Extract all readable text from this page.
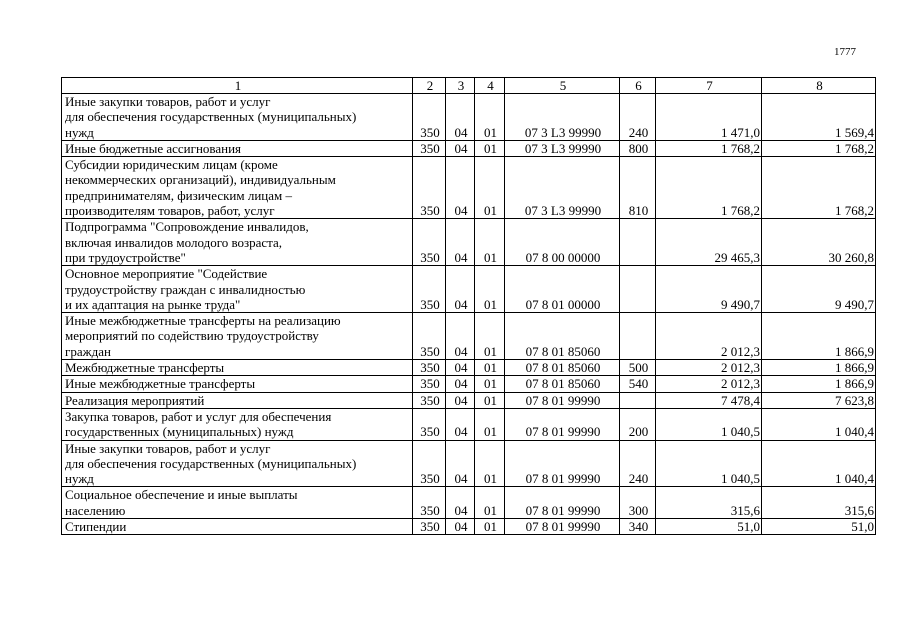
1777
1	2	3	4	5	6	7	8
Иные закупки товаров, работ и услуг
для обеспечения государственных (муниципальных)
нужд	350	04	01	07 3 L3 99990	240	1 471,0	1 569,4
Иные бюджетные ассигнования	350	04	01	07 3 L3 99990	800	1 768,2	1 768,2
Субсидии юридическим лицам (кроме
некоммерческих организаций), индивидуальным
предпринимателям, физическим лицам –
производителям товаров, работ, услуг	350	04	01	07 3 L3 99990	810	1 768,2	1 768,2
Подпрограмма "Сопровождение инвалидов,
включая инвалидов молодого возраста,
при трудоустройстве"	350	04	01	07 8 00 00000		29 465,3	30 260,8
Основное мероприятие "Содействие
трудоустройству граждан с инвалидностью
и их адаптация на рынке труда"	350	04	01	07 8 01 00000		9 490,7	9 490,7
Иные межбюджетные трансферты на реализацию
мероприятий по содействию трудоустройству
граждан	350	04	01	07 8 01 85060		2 012,3	1 866,9
Межбюджетные трансферты	350	04	01	07 8 01 85060	500	2 012,3	1 866,9
Иные межбюджетные трансферты	350	04	01	07 8 01 85060	540	2 012,3	1 866,9
Реализация мероприятий	350	04	01	07 8 01 99990		7 478,4	7 623,8
Закупка товаров, работ и услуг для обеспечения
государственных (муниципальных) нужд	350	04	01	07 8 01 99990	200	1 040,5	1 040,4
Иные закупки товаров, работ и услуг
для обеспечения государственных (муниципальных)
нужд	350	04	01	07 8 01 99990	240	1 040,5	1 040,4
Социальное обеспечение и иные выплаты
населению	350	04	01	07 8 01 99990	300	315,6	315,6
Стипендии	350	04	01	07 8 01 99990	340	51,0	51,0
